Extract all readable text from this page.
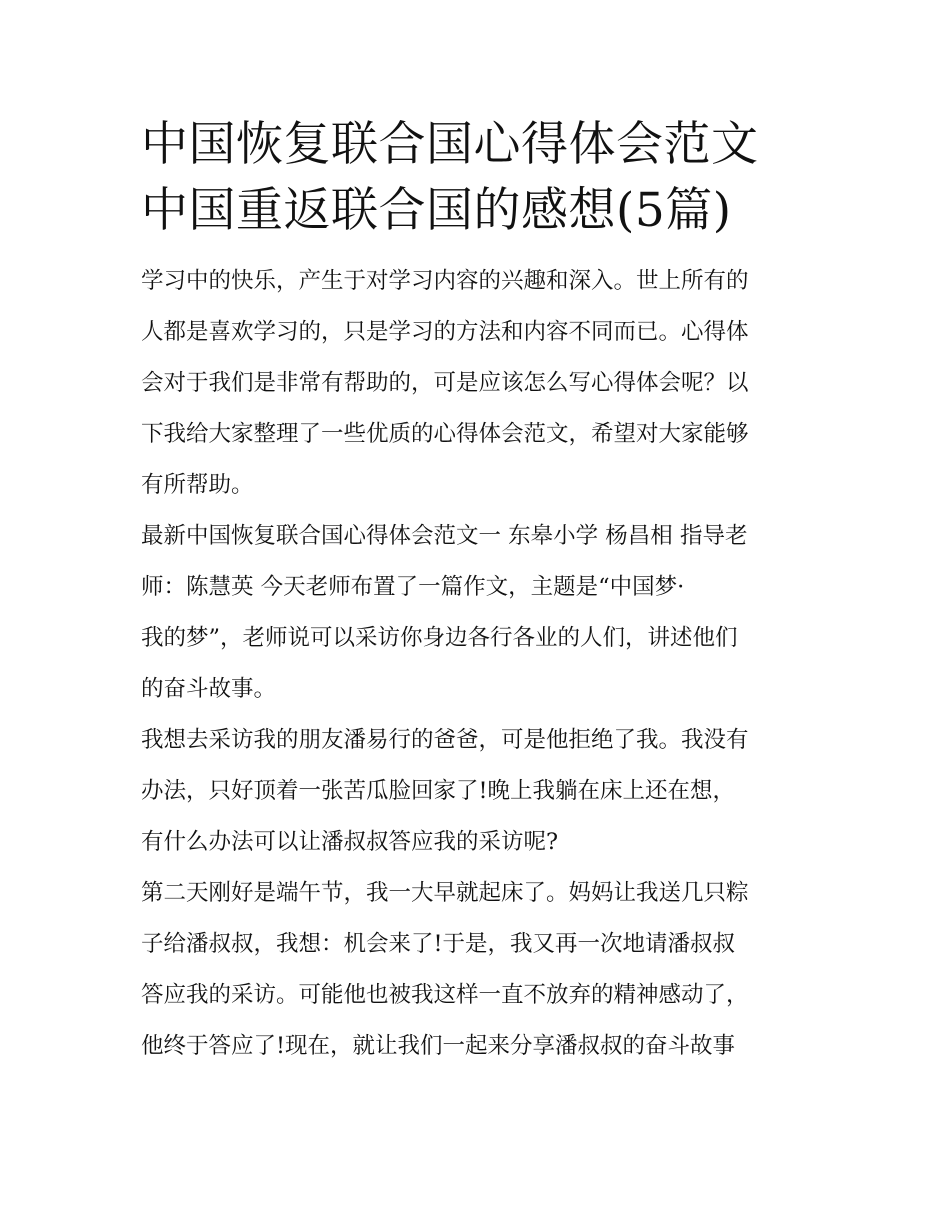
中国恢复联合国心得体会范文
中国重返联合国的感想(5篇)
学习中的快乐，产生于对学习内容的兴趣和深入。世上所有的
人都是喜欢学习的，只是学习的方法和内容不同而已。心得体
会对于我们是非常有帮助的，可是应该怎么写心得体会呢？以
下我给大家整理了一些优质的心得体会范文，希望对大家能够
有所帮助。
最新中国恢复联合国心得体会范文一 东皋小学 杨昌相 指导老
师：陈慧英 今天老师布置了一篇作文，主题是“中国梦·
我的梦”，老师说可以采访你身边各行各业的人们，讲述他们
的奋斗故事。
我想去采访我的朋友潘易行的爸爸，可是他拒绝了我。我没有
办法，只好顶着一张苦瓜脸回家了!晚上我躺在床上还在想，
有什么办法可以让潘叔叔答应我的采访呢?
第二天刚好是端午节，我一大早就起床了。妈妈让我送几只粽
子给潘叔叔，我想：机会来了!于是，我又再一次地请潘叔叔
答应我的采访。可能他也被我这样一直不放弃的精神感动了，
他终于答应了!现在，就让我们一起来分享潘叔叔的奋斗故事
